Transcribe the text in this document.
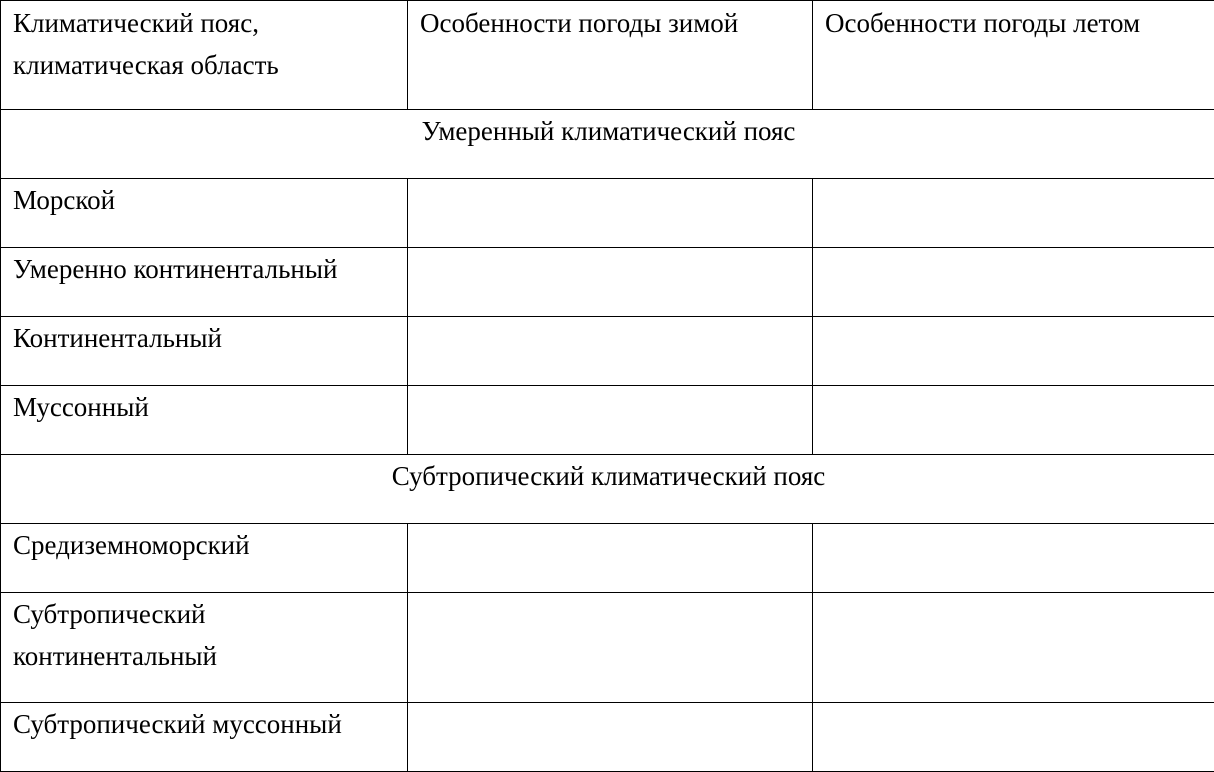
Климатический пояс, климатическая область	Особенности погоды зимой	Особенности погоды летом

Умеренный климатический пояс		

Морской		

Умеренно континентальный		

Континентальный		

Муссонный		

Субтропический климатический пояс		

Средиземноморский		

Субтропический континентальный		

Субтропический муссонный		
